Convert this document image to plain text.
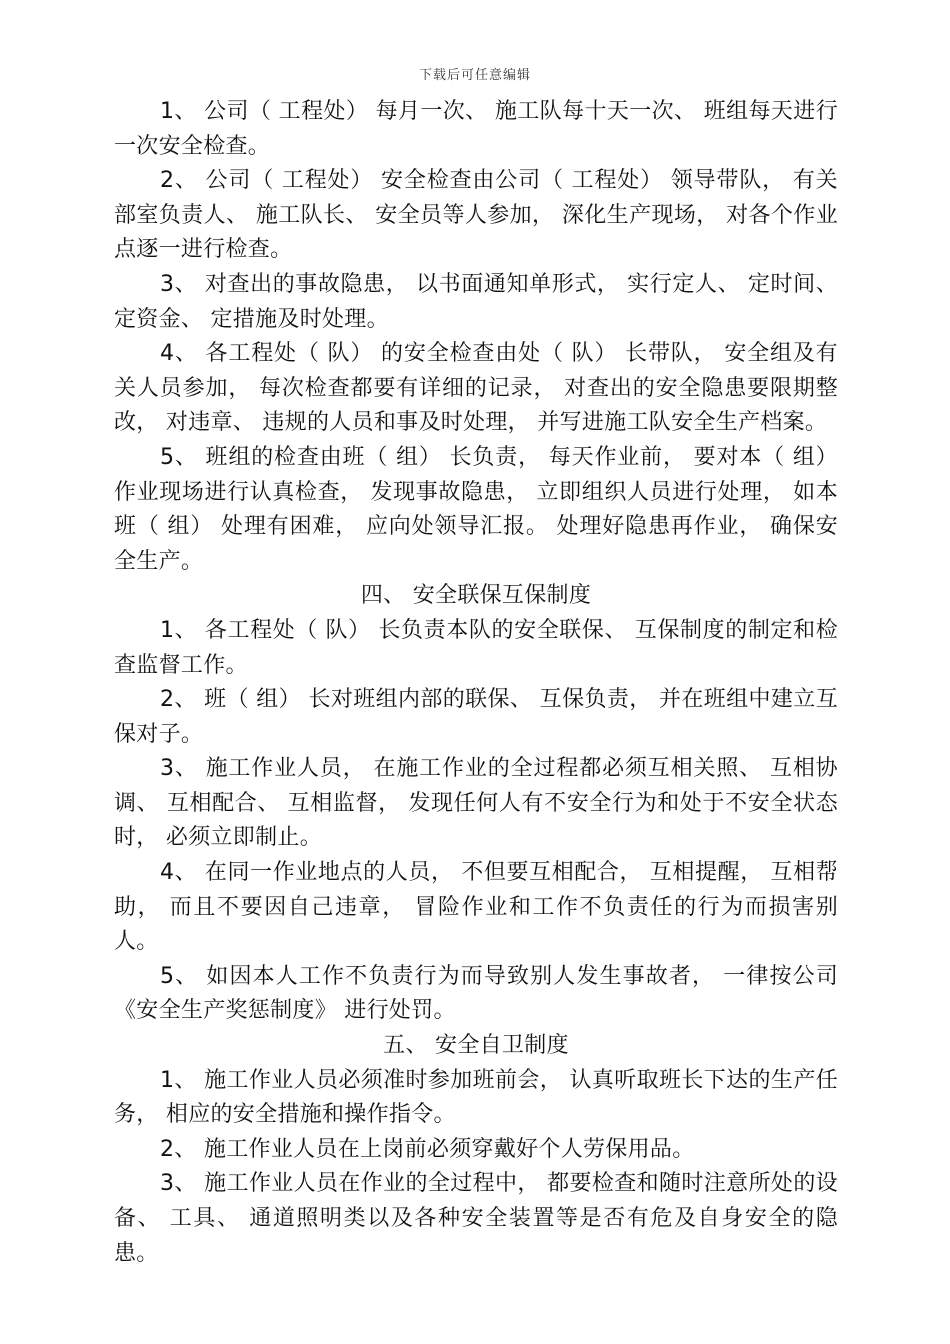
下载后可任意编辑

1、 公司（ 工程处） 每月一次、 施工队每十天一次、 班组每天进行一次安全检查。

2、 公司（ 工程处） 安全检查由公司（ 工程处） 领导带队， 有关部室负责人、 施工队长、 安全员等人参加， 深化生产现场， 对各个作业点逐一进行检查。

3、 对查出的事故隐患， 以书面通知单形式， 实行定人、 定时间、 定资金、 定措施及时处理。

4、 各工程处（ 队） 的安全检查由处（ 队） 长带队， 安全组及有关人员参加， 每次检查都要有详细的记录， 对查出的安全隐患要限期整改， 对违章、 违规的人员和事及时处理， 并写进施工队安全生产档案。

5、 班组的检查由班（ 组） 长负责， 每天作业前， 要对本（ 组） 作业现场进行认真检查， 发现事故隐患， 立即组织人员进行处理， 如本班（ 组） 处理有困难， 应向处领导汇报。 处理好隐患再作业， 确保安全生产。

四、 安全联保互保制度

1、 各工程处（ 队） 长负责本队的安全联保、 互保制度的制定和检查监督工作。

2、 班（ 组） 长对班组内部的联保、 互保负责， 并在班组中建立互保对子。

3、 施工作业人员， 在施工作业的全过程都必须互相关照、 互相协调、 互相配合、 互相监督， 发现任何人有不安全行为和处于不安全状态时， 必须立即制止。

4、 在同一作业地点的人员， 不但要互相配合， 互相提醒， 互相帮助， 而且不要因自己违章， 冒险作业和工作不负责任的行为而损害别人。

5、 如因本人工作不负责行为而导致别人发生事故者， 一律按公司《安全生产奖惩制度》 进行处罚。

五、 安全自卫制度

1、 施工作业人员必须准时参加班前会， 认真听取班长下达的生产任务， 相应的安全措施和操作指令。

2、 施工作业人员在上岗前必须穿戴好个人劳保用品。

3、 施工作业人员在作业的全过程中， 都要检查和随时注意所处的设备、 工具、 通道照明类以及各种安全装置等是否有危及自身安全的隐患。
